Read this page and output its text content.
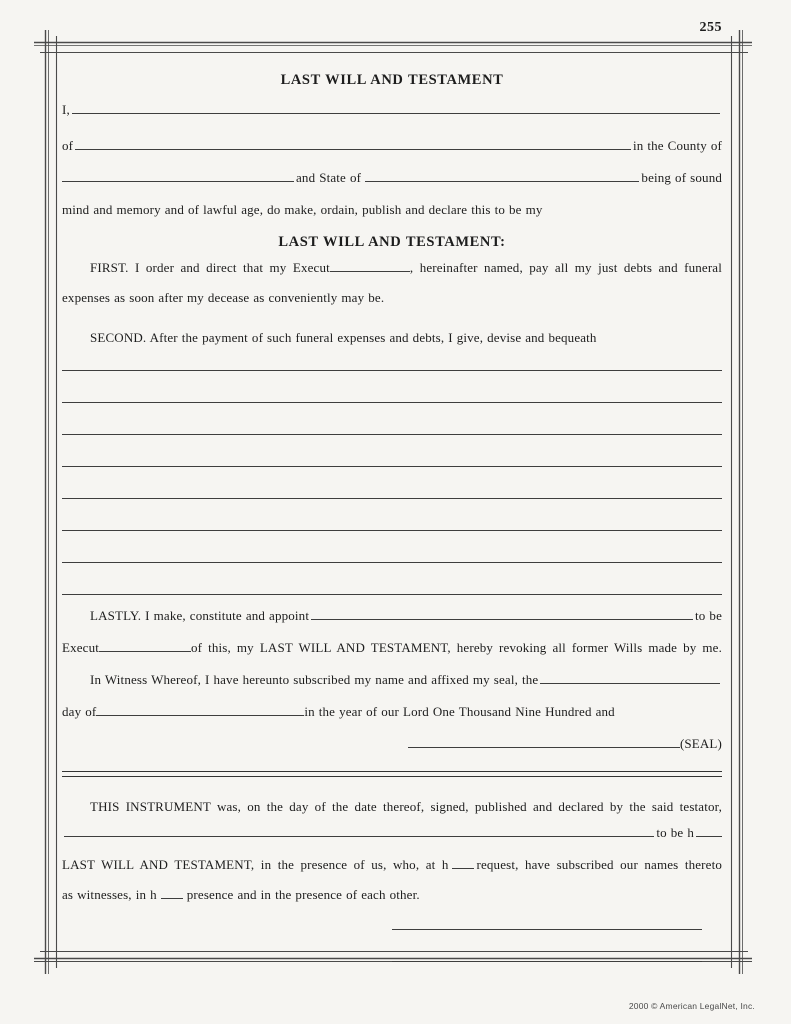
255
LAST WILL AND TESTAMENT
I,
of	in the County of
and State of	being of sound
mind and memory and of lawful age, do make, ordain, publish and declare this to be my
LAST WILL AND TESTAMENT:
FIRST. I order and direct that my Execut	, hereinafter named, pay all my just debts and funeral
expenses as soon after my decease as conveniently may be.
SECOND. After the payment of such funeral expenses and debts, I give, devise and bequeath
LASTLY. I make, constitute and appoint	to be
Execut	of this, my LAST WILL AND TESTAMENT, hereby revoking all former Wills made by me.
In Witness Whereof, I have hereunto subscribed my name and affixed my seal, the
day of	in the year of our Lord One Thousand Nine Hundred and
(SEAL)
THIS INSTRUMENT was, on the day of the date thereof, signed, published and declared by the said testator,
to be h
LAST WILL AND TESTAMENT, in the presence of us, who, at h request, have subscribed our names thereto
as witnesses, in h presence and in the presence of each other.
2000 © American LegalNet, Inc.
